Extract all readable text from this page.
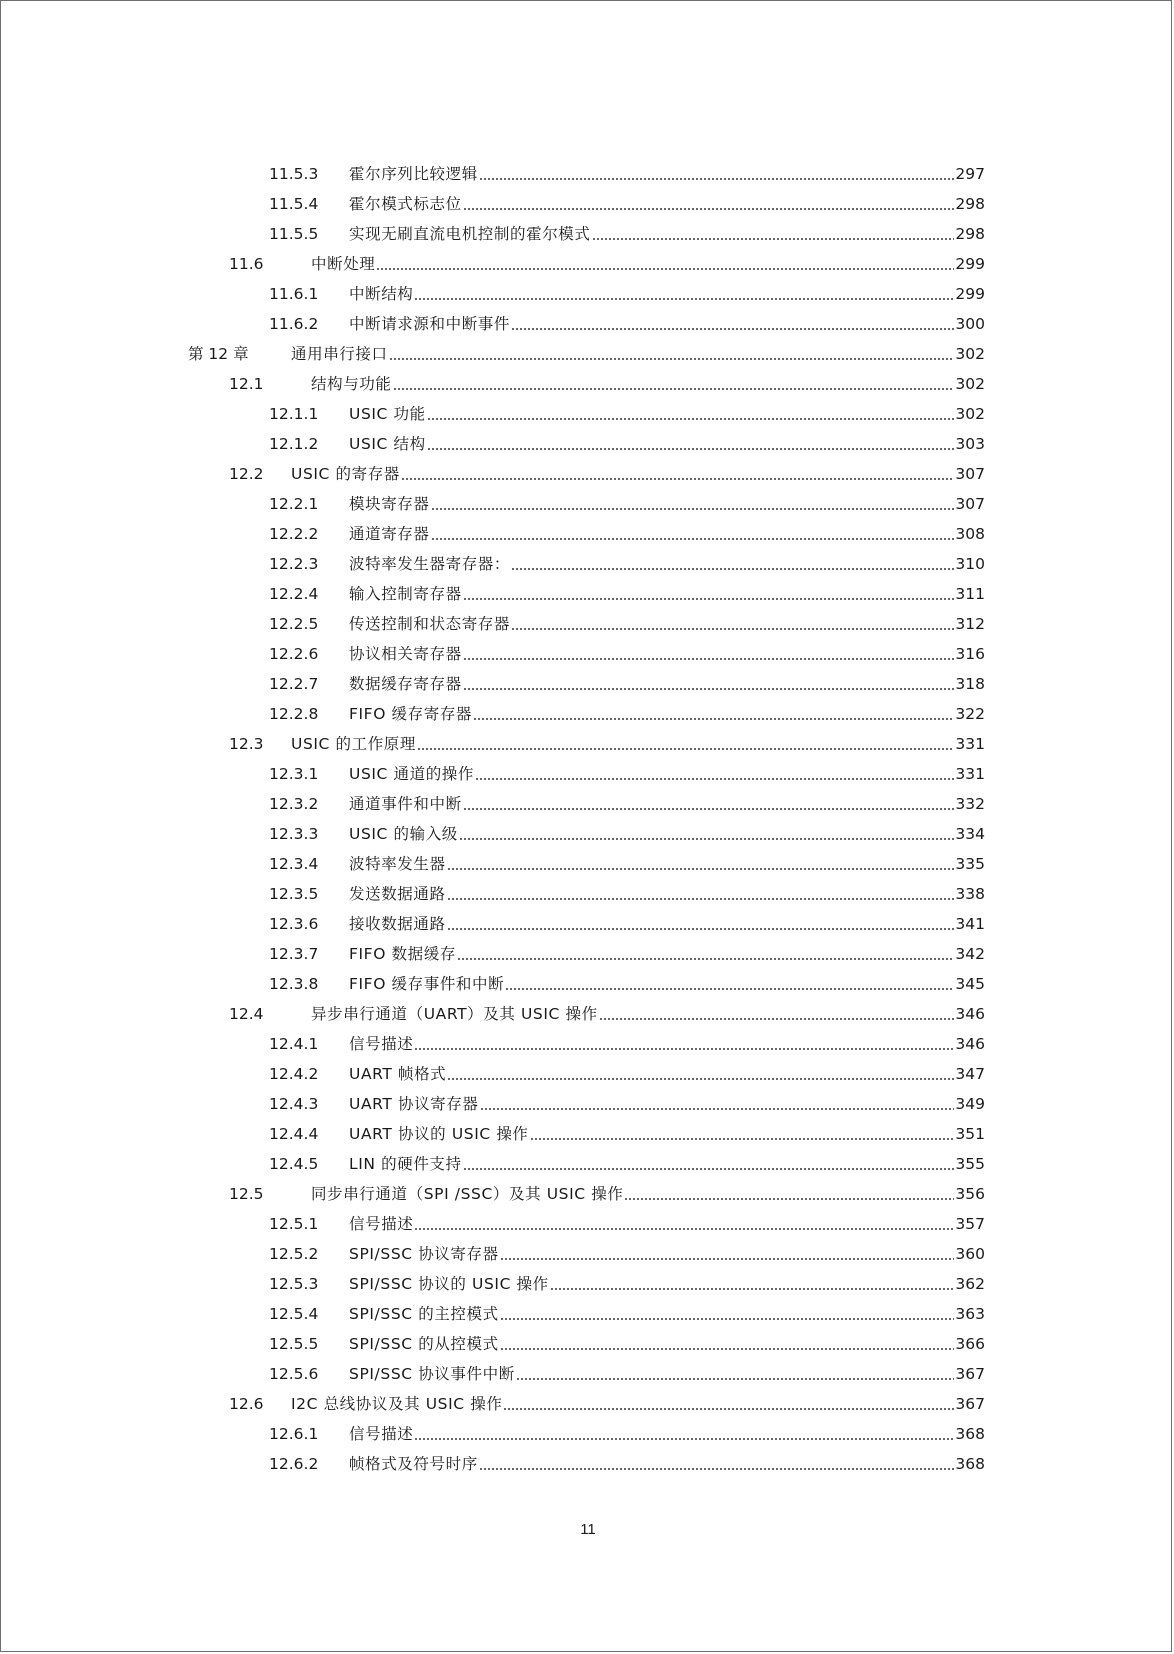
11.5.3 霍尔序列比较逻辑	297
11.5.4 霍尔模式标志位	298
11.5.5 实现无刷直流电机控制的霍尔模式	298
11.6	中断处理	299
11.6.1 中断结构	299
11.6.2 中断请求源和中断事件	300
第 12 章	通用串行接口	302
12.1	结构与功能	302
12.1.1 USIC 功能	302
12.1.2 USIC 结构	303
12.2 USIC 的寄存器	307
12.2.1 模块寄存器	307
12.2.2 通道寄存器	308
12.2.3 波特率发生器寄存器：	310
12.2.4 输入控制寄存器	311
12.2.5 传送控制和状态寄存器	312
12.2.6 协议相关寄存器	316
12.2.7 数据缓存寄存器	318
12.2.8 FIFO 缓存寄存器	322
12.3 USIC 的工作原理	331
12.3.1 USIC 通道的操作	331
12.3.2 通道事件和中断	332
12.3.3 USIC 的输入级	334
12.3.4 波特率发生器	335
12.3.5 发送数据通路	338
12.3.6 接收数据通路	341
12.3.7 FIFO 数据缓存	342
12.3.8 FIFO 缓存事件和中断	345
12.4	异步串行通道（UART）及其 USIC 操作	346
12.4.1 信号描述	346
12.4.2 UART 帧格式	347
12.4.3 UART 协议寄存器	349
12.4.4 UART 协议的 USIC 操作	351
12.4.5 LIN 的硬件支持	355
12.5	同步串行通道（SPI /SSC）及其 USIC 操作	356
12.5.1 信号描述	357
12.5.2 SPI/SSC 协议寄存器	360
12.5.3 SPI/SSC 协议的 USIC 操作	362
12.5.4 SPI/SSC 的主控模式	363
12.5.5 SPI/SSC 的从控模式	366
12.5.6 SPI/SSC 协议事件中断	367
12.6 I2C 总线协议及其 USIC 操作	367
12.6.1 信号描述	368
12.6.2 帧格式及符号时序	368
11
